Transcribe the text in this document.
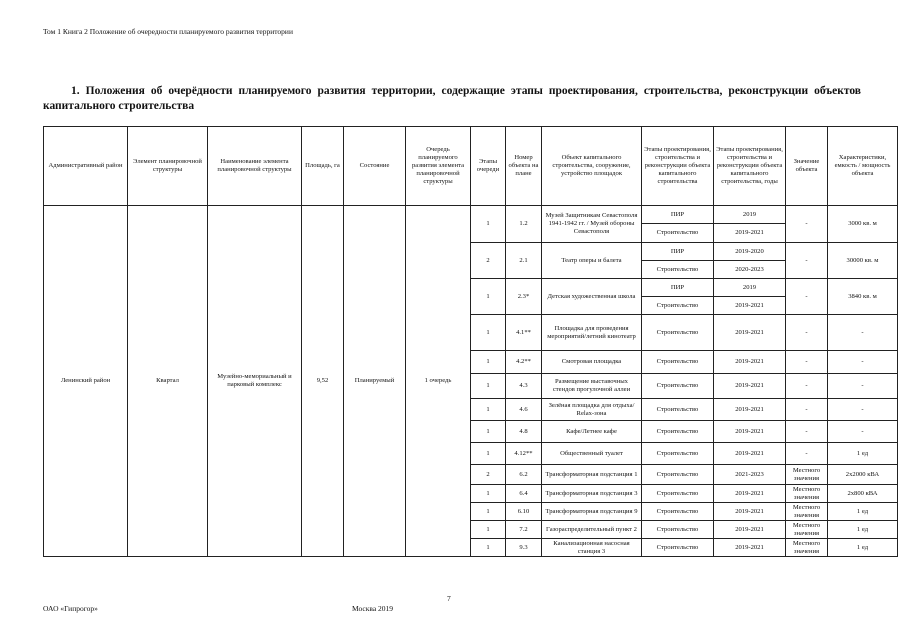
Том 1 Книга 2 Положение об очередности планируемого развития территории
1. Положения об очерёдности планируемого развития территории, содержащие этапы проектирования, строительства, реконструкции объектов капитального строительства
Административный район	Элемент планировочной структуры	Наименование элемента планировочной структуры	Площадь, га	Состояние	Очередь планируемого развития элемента планировочной структуры	Этапы очереди	Номер объекта на плане	Объект капитального строительства, сооружение, устройство площадок	Этапы проектирования, строительства и реконструкции объекта капитального строительства	Этапы проектирования, строительства и реконструкции объекта капитального строительства, годы	Значение объекта	Характеристики, емкость / мощность объекта
Ленинский район	Квартал	Музейно-мемориальный и парковый комплекс	9,52	Планируемый	1 очередь	1	1.2	Музей Защитникам Севастополя 1941-1942 гг. / Музей обороны Севастополя	ПИР	2019	-	3000 кв. м
									Строительство	2019-2021		
						2	2.1	Театр оперы и балета	ПИР	2019-2020	-	30000 кв. м
									Строительство	2020-2023		
						1	2.3*	Детская художественная школа	ПИР	2019	-	3840 кв. м
									Строительство	2019-2021		
						1	4.1**	Площадка для проведения мероприятий/летний кинотеатр	Строительство	2019-2021	-	-
						1	4.2**	Смотровая площадка	Строительство	2019-2021	-	-
						1	4.3	Размещение выставочных стендов прогулочной аллеи	Строительство	2019-2021	-	-
						1	4.6	Зелёная площадка для отдыха/ Relax-зона	Строительство	2019-2021	-	-
						1	4.8	Кафе/Летнее кафе	Строительство	2019-2021	-	-
						1	4.12**	Общественный туалет	Строительство	2019-2021	-	1 ед
						2	6.2	Трансформаторная подстанция 1	Строительство	2021-2023	Местного значения	2х2000 кВА
						1	6.4	Трансформаторная подстанция 3	Строительство	2019-2021	Местного значения	2х800 кВА
						1	6.10	Трансформаторная подстанция 9	Строительство	2019-2021	Местного значения	1 ед
						1	7.2	Газораспределительный пункт 2	Строительство	2019-2021	Местного значения	1 ед
						1	9.3	Канализационная насосная станция 3	Строительство	2019-2021	Местного значения	1 ед
7
ОАО «Гипрогор»	Москва 2019
